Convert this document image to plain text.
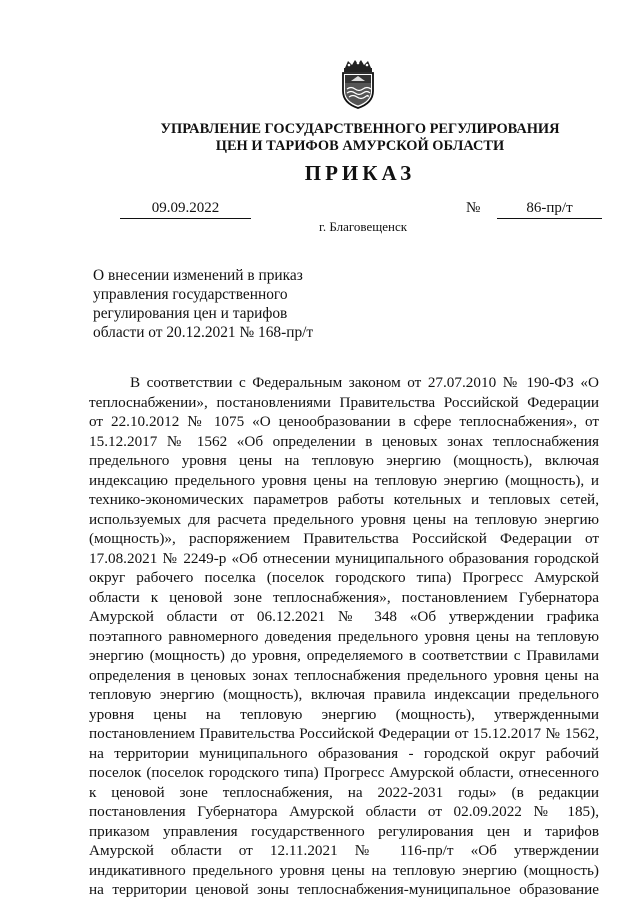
УПРАВЛЕНИЕ ГОСУДАРСТВЕННОГО РЕГУЛИРОВАНИЯ
ЦЕН И ТАРИФОВ АМУРСКОЙ ОБЛАСТИ
ПРИКАЗ
09.09.2022	№	86-пр/т
г. Благовещенск
О внесении изменений в приказ
управления государственного
регулирования цен и тарифов
области от 20.12.2021 № 168-пр/т
В соответствии с Федеральным законом от 27.07.2010 № 190-ФЗ «О
теплоснабжении», постановлениями Правительства Российской Федерации
от 22.10.2012 № 1075 «О ценообразовании в сфере теплоснабжения», от
15.12.2017 № 1562 «Об определении в ценовых зонах теплоснабжения
предельного уровня цены на тепловую энергию (мощность), включая
индексацию предельного уровня цены на тепловую энергию (мощность), и
технико-экономических параметров работы котельных и тепловых сетей,
используемых для расчета предельного уровня цены на тепловую энергию
(мощность)», распоряжением Правительства Российской Федерации от
17.08.2021 № 2249-р «Об отнесении муниципального образования городской
округ рабочего поселка (поселок городского типа) Прогресс Амурской
области к ценовой зоне теплоснабжения», постановлением Губернатора
Амурской области от 06.12.2021 № 348 «Об утверждении графика
поэтапного равномерного доведения предельного уровня цены на тепловую
энергию (мощность) до уровня, определяемого в соответствии с Правилами
определения в ценовых зонах теплоснабжения предельного уровня цены на
тепловую энергию (мощность), включая правила индексации предельного
уровня цены на тепловую энергию (мощность), утвержденными
постановлением Правительства Российской Федерации от 15.12.2017 № 1562,
на территории муниципального образования - городской округ рабочий
поселок (поселок городского типа) Прогресс Амурской области, отнесенного
к ценовой зоне теплоснабжения, на 2022-2031 годы» (в редакции
постановления Губернатора Амурской области от 02.09.2022 № 185),
приказом управления государственного регулирования цен и тарифов
Амурской области от 12.11.2021 № 116-пр/т «Об утверждении
индикативного предельного уровня цены на тепловую энергию (мощность)
на территории ценовой зоны теплоснабжения-муниципальное образование
